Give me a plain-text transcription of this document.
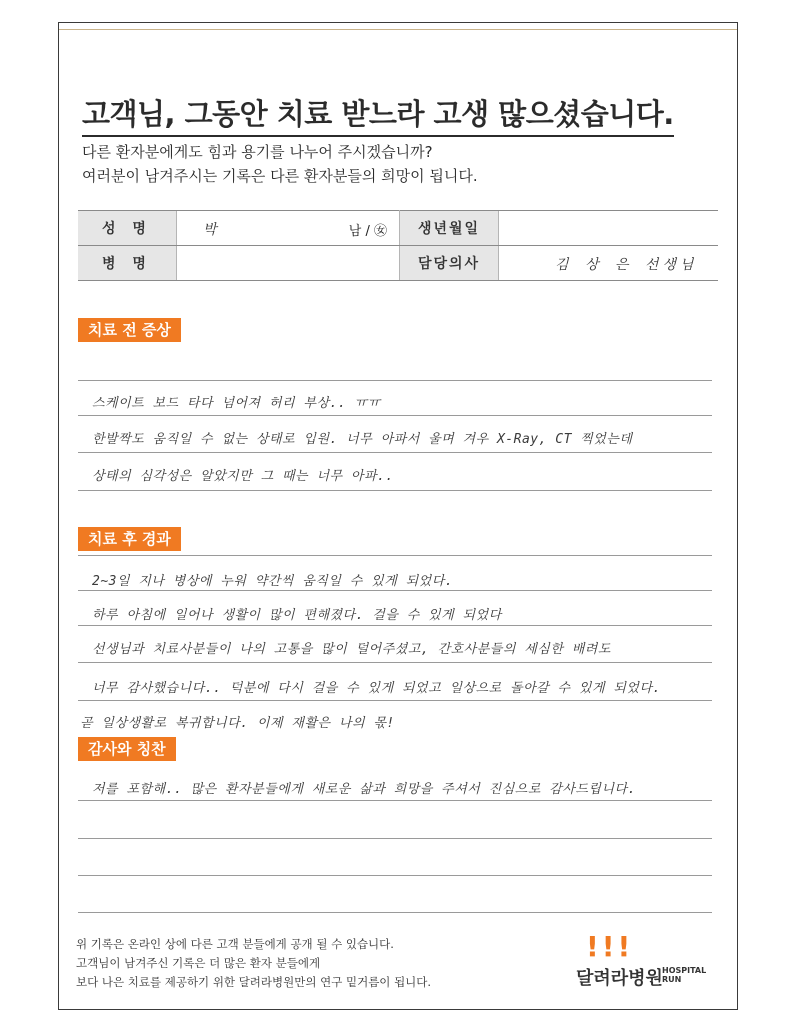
고객님, 그동안 치료 받느라 고생 많으셨습니다.
다른 환자분에게도 힘과 용기를 나누어 주시겠습니까?
여러분이 남겨주시는 기록은 다른 환자분들의 희망이 됩니다.
성 명	박 남 / ㊛	생년월일	
병 명		담당의사	김 상 은 선생님
치료 전 증상
스케이트 보드 타다 넘어져 허리 부상.. ㅠㅠ
한발짝도 움직일 수 없는 상태로 입원. 너무 아파서 울며 겨우 X-Ray, CT 찍었는데
상태의 심각성은 알았지만 그 때는 너무 아파..
치료 후 경과
2~3일 지나 병상에 누워 약간씩 움직일 수 있게 되었다.
하루 아침에 일어나 생활이 많이 편해졌다. 걸을 수 있게 되었다
선생님과 치료사분들이 나의 고통을 많이 덜어주셨고, 간호사분들의 세심한 배려도
너무 감사했습니다.. 덕분에 다시 걸을 수 있게 되었고 일상으로 돌아갈 수 있게 되었다.
곧 일상생활로 복귀합니다. 이제 재활은 나의 몫!
감사와 칭찬
저를 포함해.. 많은 환자분들에게 새로운 삶과 희망을 주셔서 진심으로 감사드립니다.
위 기록은 온라인 상에 다른 고객 분들에게 공개 될 수 있습니다.
고객님이 남겨주신 기록은 더 많은 환자 분들에게
보다 나은 치료를 제공하기 위한 달려라병원만의 연구 밑거름이 됩니다.
!!!
달려라병원 HOSPITAL
RUN
